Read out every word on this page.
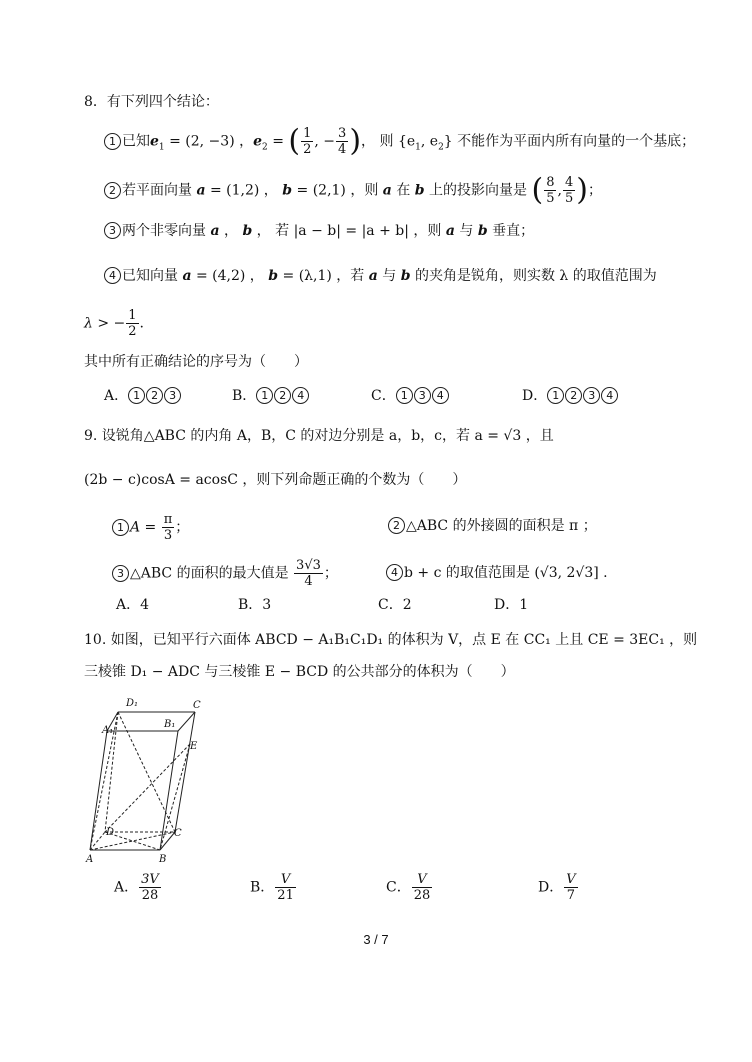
8．有下列四个结论：
1 已知$e_1 = (2$, −3) ，$e_2$ = ( $\frac{1}{2}$ , − $\frac{3}{4}$ )， 则 {$e_1$, $e_2$} 不能作为平面内所有向量的一个基底；
2 若平面向量 a = (1,2) ， b = (2,1) ，则 a 在 b 上的投影向量是 ( $\frac{8}{5}$ , $\frac{4}{5}$ )；
3 两个非零向量 a ， b ， 若 |a − b| = |a + b| ，则 a 与 b 垂直；
4 已知向量 a = (4,2) ， b = (λ,1) ，若 a 与 b 的夹角是锐角，则实数 λ 的取值范围为
λ > − $\frac{1}{2}$ .
其中所有正确结论的序号为（　　）
A． 1 2 3	B． 1 2 4	C． 1 3 4	D． 1 2 3 4
9. 设锐角△ABC 的内角 A，B，C 的对边分别是 a，b，c，若 a = √3 ，且
(2b − c)cosA = acosC ，则下列命题正确的个数为（　　）
1 $A = \frac{\pi}{3}$ ；	2 △ABC 的外接圆的面积是 π ；
3 △ABC 的面积的最大值是 $\frac{3√3}{4}$ ；	4 b + c 的取值范围是 (√3, 2√3] .
A．4	B．3	C．2	D．1
10. 如图，已知平行六面体 ABCD − A₁B₁C₁D₁ 的体积为 V，点 E 在 CC₁ 上且 CE = 3EC₁ ，则
三棱锥 D₁ − ADC 与三棱锥 E − BCD 的公共部分的体积为（　　）
D₁	C
A₁
B₁
E
D	C
A	B
A． $\frac{3V}{28}$	B． $\frac{V}{21}$	C． $\frac{V}{28}$	D． $\frac{V}{7}$
3 / 7
